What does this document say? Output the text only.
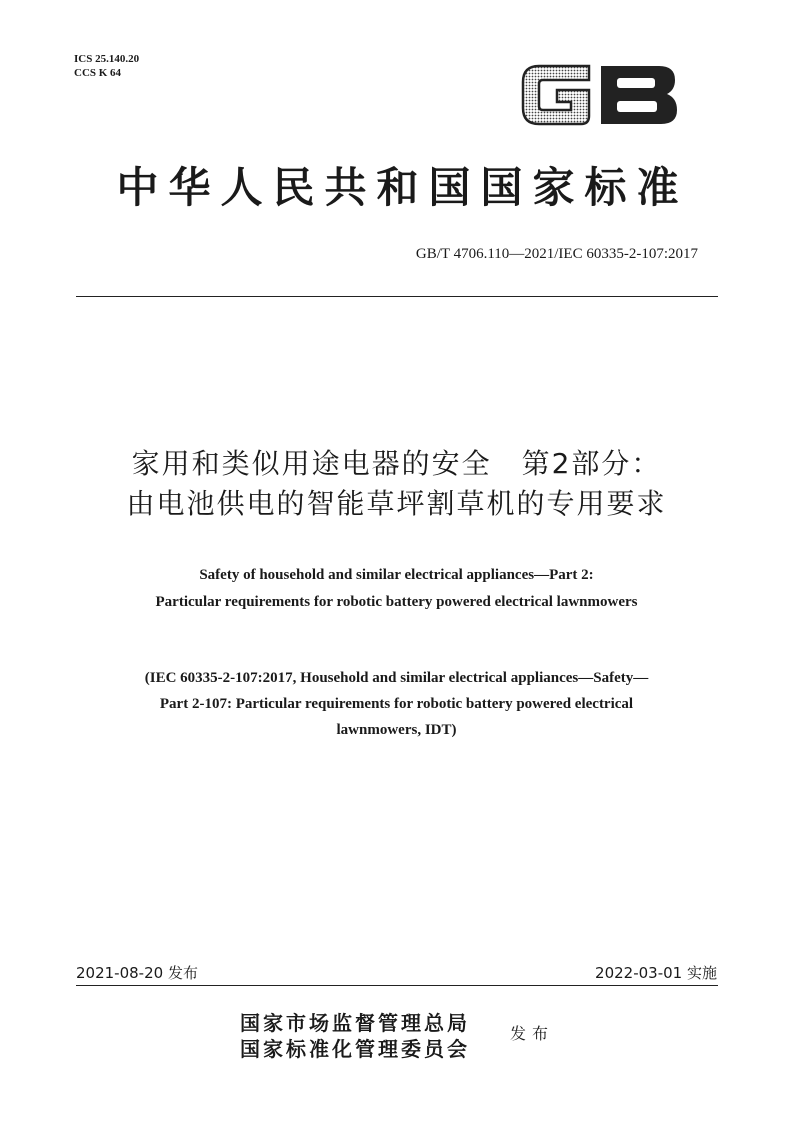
ICS 25.140.20
CCS K 64
中华人民共和国国家标准
GB/T 4706.110—2021/IEC 60335-2-107:2017
家用和类似用途电器的安全　第2部分：
由电池供电的智能草坪割草机的专用要求
Safety of household and similar electrical appliances—Part 2:
Particular requirements for robotic battery powered electrical lawnmowers
(IEC 60335-2-107:2017, Household and similar electrical appliances—Safety—
Part 2-107: Particular requirements for robotic battery powered electrical
lawnmowers, IDT)
2021-08-20 发布	2022-03-01 实施
国家市场监督管理总局
国家标准化管理委员会
发布
